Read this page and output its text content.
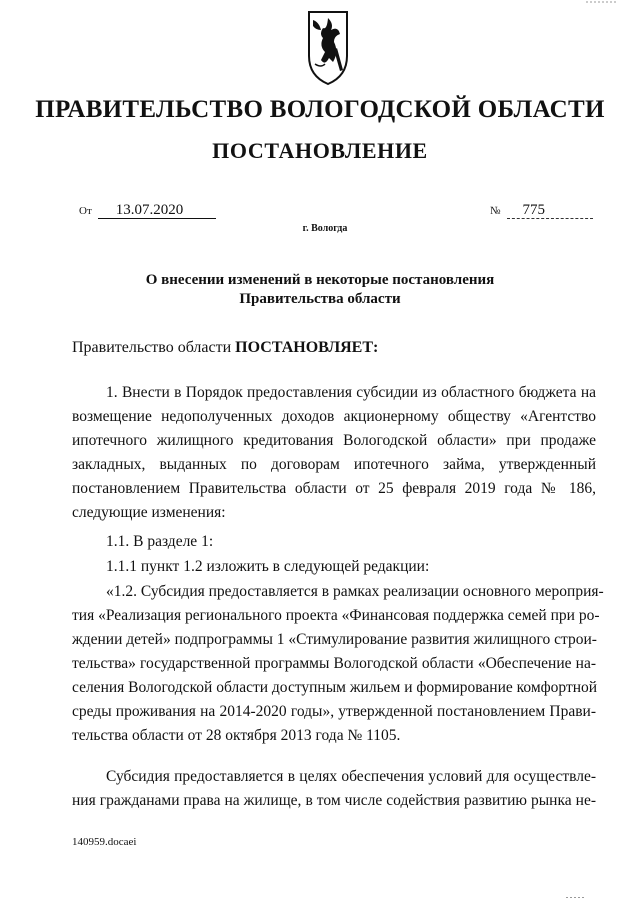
ПРАВИТЕЛЬСТВО ВОЛОГОДСКОЙ ОБЛАСТИ
ПОСТАНОВЛЕНИЕ
От 13.07.2020	№ 775
г. Вологда
О внесении изменений в некоторые постановления
Правительства области
Правительство области ПОСТАНОВЛЯЕТ:
1. Внести в Порядок предоставления субсидии из областного бюджета на
возмещение недополученных доходов акционерному обществу «Агентство
ипотечного жилищного кредитования Вологодской области» при продаже
закладных, выданных по договорам ипотечного займа, утвержденный
постановлением Правительства области от 25 февраля 2019 года № 186,
следующие изменения:
1.1. В разделе 1:
1.1.1 пункт 1.2 изложить в следующей редакции:
«1.2. Субсидия предоставляется в рамках реализации основного мероприя-
тия «Реализация регионального проекта «Финансовая поддержка семей при ро-
ждении детей» подпрограммы 1 «Стимулирование развития жилищного строи-
тельства» государственной программы Вологодской области «Обеспечение на-
селения Вологодской области доступным жильем и формирование комфортной
среды проживания на 2014-2020 годы», утвержденной постановлением Прави-
тельства области от 28 октября 2013 года № 1105.
Субсидия предоставляется в целях обеспечения условий для осуществле-
ния гражданами права на жилище, в том числе содействия развитию рынка не-
140959.docaei
